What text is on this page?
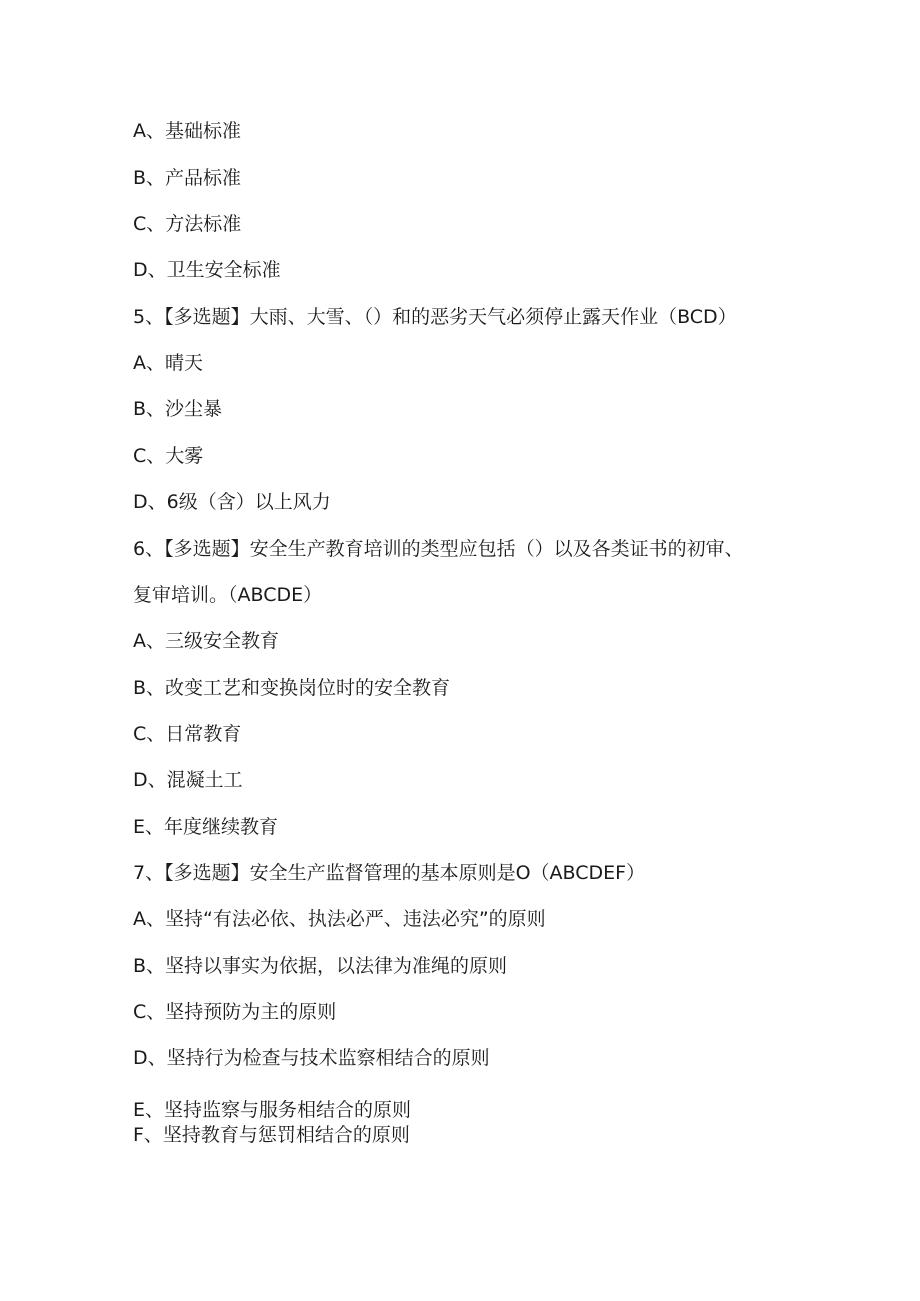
A、基础标准
B、产品标准
C、方法标准
D、卫生安全标准
5、【多选题】大雨、大雪、（）和的恶劣天气必须停止露天作业（BCD）
A、晴天
B、沙尘暴
C、大雾
D、6级（含）以上风力
6、【多选题】安全生产教育培训的类型应包括（）以及各类证书的初审、
复审培训。（ABCDE）
A、三级安全教育
B、改变工艺和变换岗位时的安全教育
C、日常教育
D、混凝土工
E、年度继续教育
7、【多选题】安全生产监督管理的基本原则是O（ABCDEF）
A、坚持“有法必依、执法必严、违法必究”的原则
B、坚持以事实为依据，以法律为准绳的原则
C、坚持预防为主的原则
D、坚持行为检查与技术监察相结合的原则
E、坚持监察与服务相结合的原则
F、坚持教育与惩罚相结合的原则
